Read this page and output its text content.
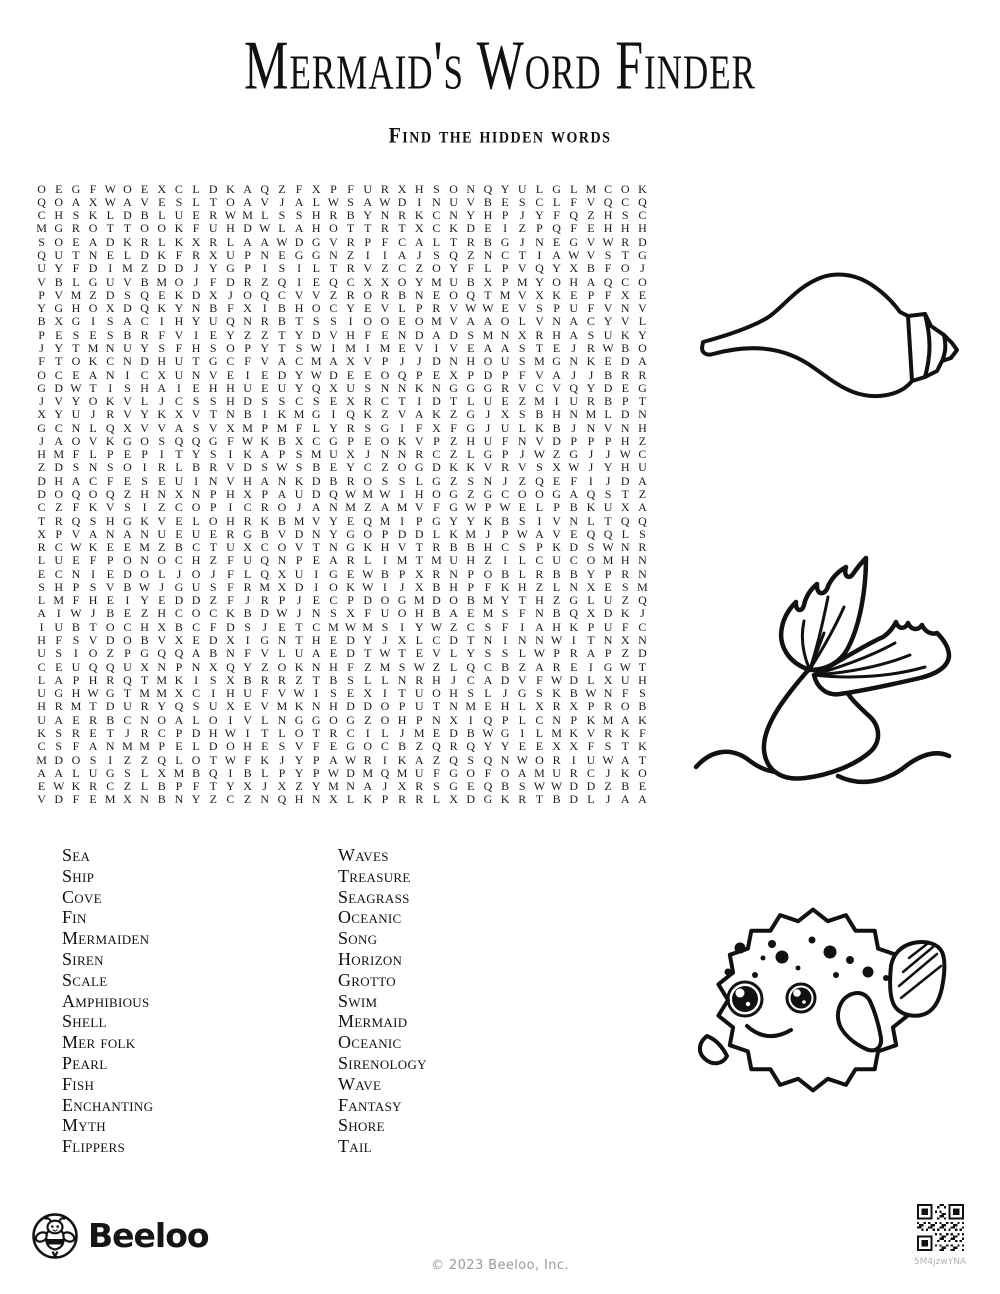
Mermaid's Word Finder
Find the hidden words
O E G F W O E X C L D K A Q Z F X P F U R X H S O N Q Y U L G L M C O K
Q O A X W A V E S L T O A V J A L W S A W D I N U V B E S C L F V Q C Q
C H S K L D B L U E R W M L S S H R B Y N R K C N Y H P J Y F Q Z H S C
M G R O T T O O K F U H D W L A H O T T R T X C K D E I Z P Q F E H H H
S O E A D K R L K X R L A A W D G V R P F C A L T R B G J N E G V W R D
Q U T N E L D K F R X U P N E G G N Z I	I A J S Q Z N C T I A W V S T G
U Y F D I M Z D D J Y G P I S I L T R V Z C Z O Y F L P V Q Y X B F O J
V B L G U V B M O J F D R Z Q I E Q C X X O Y M U B X P M Y O H A Q C O
P V M Z D S Q E K D X J O Q C V V Z R O R B N E O Q T M V X K E P F X E
Y G H O X D Q K Y N B F X I B H O C Y E V L P R V W W E V S P U F V N V
B X G I S A C I H Y U Q N R B T S S I O O E O M V A A O L V N A C Y V L
P E S E S B R F V I E Y Z Z T Y D V H F E N D A D S M N X R H A S U K Y
J Y T M N U Y S F H S O P Y T S W I M I M E V I V E A A S T E J R W B O
F T O K C N D H U T G C F V A C M A X V P J	J D N H O U S M G N K E D A
O C E A N I C X U N V E I E D Y W D E E O Q P E X P D P F V A J	J B R R
G D W T I S H A I E H H U E U Y Q X U S N N K N G G G R V C V Q Y D E G
J V Y O K V L J C S S H D S S C S E X R C T I D T L U E Z M I U R B P T
X Y U J R V Y K X V T N B I K M G I Q K Z V A K Z G J X S B H N M L D N
G C N L Q X V V A S V X M P M F L Y R S G I F X F G J U L K B J N V N H
J A O V K G O S Q Q G F W K B X C G P E O K V P Z H U F N V D P P P H Z
H M F L P E P I T Y S I K A P S M U X J N N R C Z L G P J W Z G J	J W C
Z D S N S O I R L B R V D S W S B E Y C Z O G D K K V R V S X W J Y H U
D H A C F E S E U I N V H A N K D B R O S S L G Z S N J Z Q E F I	J D A
D O Q O Q Z H N X N P H X P A U D Q W M W I H O G Z G C O O G A Q S T Z
C Z F K V S I Z C O P I C R O J A N M Z A M V F G W P W E L P B K U X A
T R Q S H G K V E L O H R K B M V Y E Q M I P G Y Y K B S I V N L T Q Q
X P V A N A N U E U E R G B V D N Y G O P D D L K M J P W A V E Q Q L S
R C W K E E M Z B C T U X C O V T N G K H V T R B B H C S P K D S W N R
L U E F P O N O C H Z F U Q N P E A R L I M T M U H Z I L C U C O M H N
E C N I E D O L J O J F L Q X U I G E W B P X R N P O B L R B B Y P R N
S H P S V B W J G U S F R M X D I O K W I	J X B H P F K H Z L N X E S M
L M F H E I Y E D D Z F J R P J E C P D O G M D O B M Y T H Z G L U Z Q
A I W J B E Z H C O C K B D W J N S X F U O H B A E M S F N B Q X D K J
I U B T O C H X B C F D S J E T C M W M S I Y W Z C S F I A H K P U F C
H F S V D O B V X E D X I G N T H E D Y J X L C D T N I N N W I T N X N
U S I O Z P G Q Q A B N F V L U A E D T W T E V L Y S S L W P R A P Z D
C E U Q Q U X N P N X Q Y Z O K N H F Z M S W Z L Q C B Z A R E I G W T
L A P H R Q T M K I S X B R R Z T B S L L N R H J C A D V F W D L X U H
U G H W G T M M X C I H U F V W I S E X I T U O H S L J G S K B W N F S
H R M T D U R Y Q S U X E V M K N H D D O P U T N M E H L X R X P R O B
U A E R B C N O A L O I V L N G G O G Z O H P N X I Q P L C N P K M A K
K S R E T J R C P D H W I T L O T R C I L J M E D B W G I L M K V R K F
C S F A N M M P E L D O H E S V F E G O C B Z Q R Q Y Y E E X X F S T K
M D O S I Z Z Q L O T W F K J Y P A W R I K A Z Q S Q N W O R I U W A T
A A L U G S L X M B Q I B L P Y P W D M Q M U F G O F O A M U R C J K O
E W K R C Z L B P F T Y X J X Z Y M N A J X R S G E Q B S W W D D Z B E
V D F E M X N B N Y Z C Z N Q H N X L K P R R L X D G K R T B D L J A A
Sea
Ship
Cove
Fin
Mermaiden
Siren
Scale
Amphibious
Shell
Mer folk
Pearl
Fish
Enchanting
Myth
Flippers
Waves
Treasure
Seagrass
Oceanic
Song
Horizon
Grotto
Swim
Mermaid
Oceanic
Sirenology
Wave
Fantasy
Shore
Tail
Beeloo
© 2023 Beeloo, Inc.	5M4jzwYNA
